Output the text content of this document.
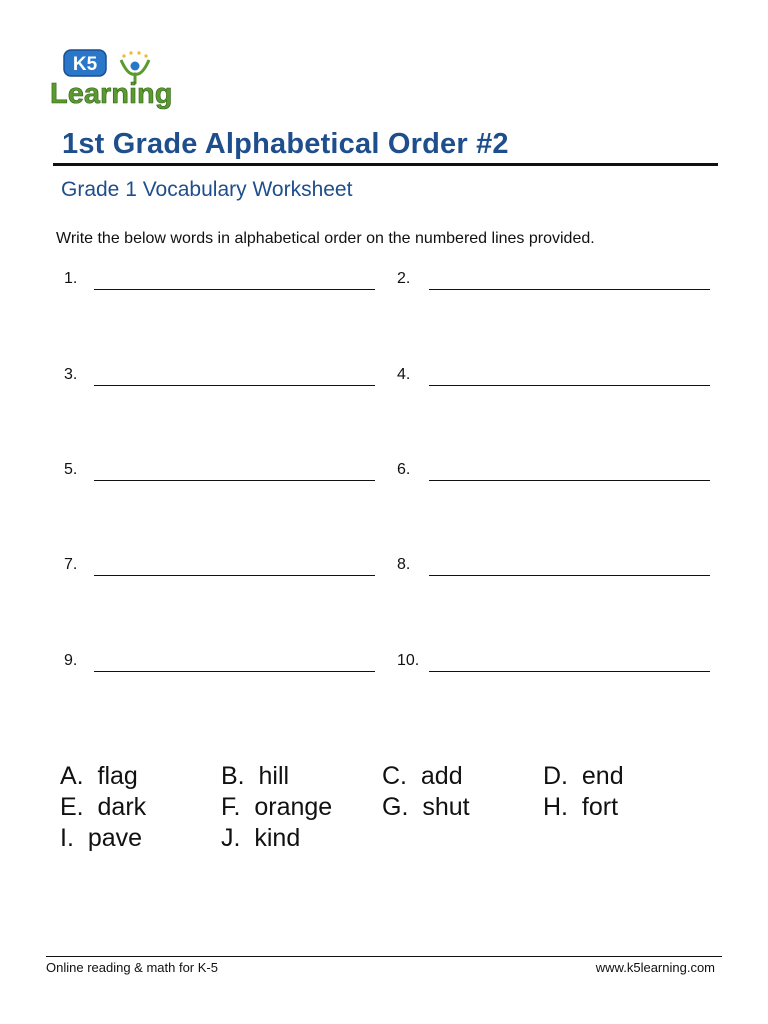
K5
Learning
1st Grade Alphabetical Order #2
Grade 1 Vocabulary Worksheet
Write the below words in alphabetical order on the numbered lines provided.
1.	2.
3.	4.
5.	6.
7.	8.
9.	10.
A. flag	B. hill	C. add	D. end
E. dark	F. orange G. shut	H. fort
I. pave	J. kind
Online reading & math for K-5	www.k5learning.com
